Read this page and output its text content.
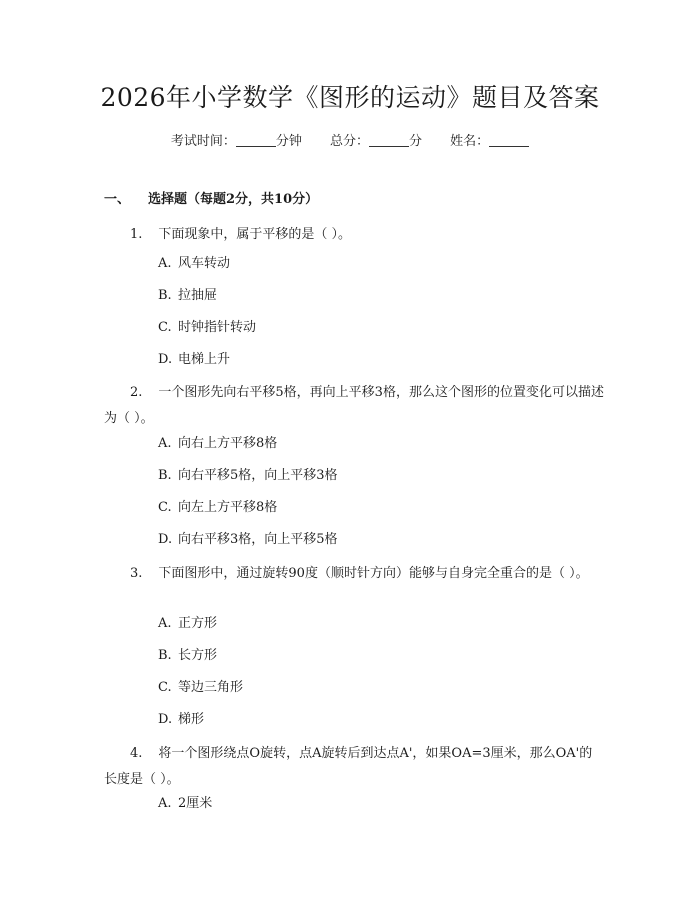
2026年小学数学《图形的运动》题目及答案
考试时间：	分钟 总分：	分 姓名：
一、 选择题（每题2分，共10分）
1. 下面现象中，属于平移的是（ ）。
A. 风车转动
B. 拉抽屉
C. 时钟指针转动
D. 电梯上升
2. 一个图形先向右平移5格，再向上平移3格，那么这个图形的位置变化可以描述为（ ）。
A. 向右上方平移8格
B. 向右平移5格，向上平移3格
C. 向左上方平移8格
D. 向右平移3格，向上平移5格
3. 下面图形中，通过旋转90度（顺时针方向）能够与自身完全重合的是（ ）。
A. 正方形
B. 长方形
C. 等边三角形
D. 梯形
4. 将一个图形绕点O旋转，点A旋转后到达点A'，如果OA=3厘米，那么OA'的长度是（ ）。
A. 2厘米
